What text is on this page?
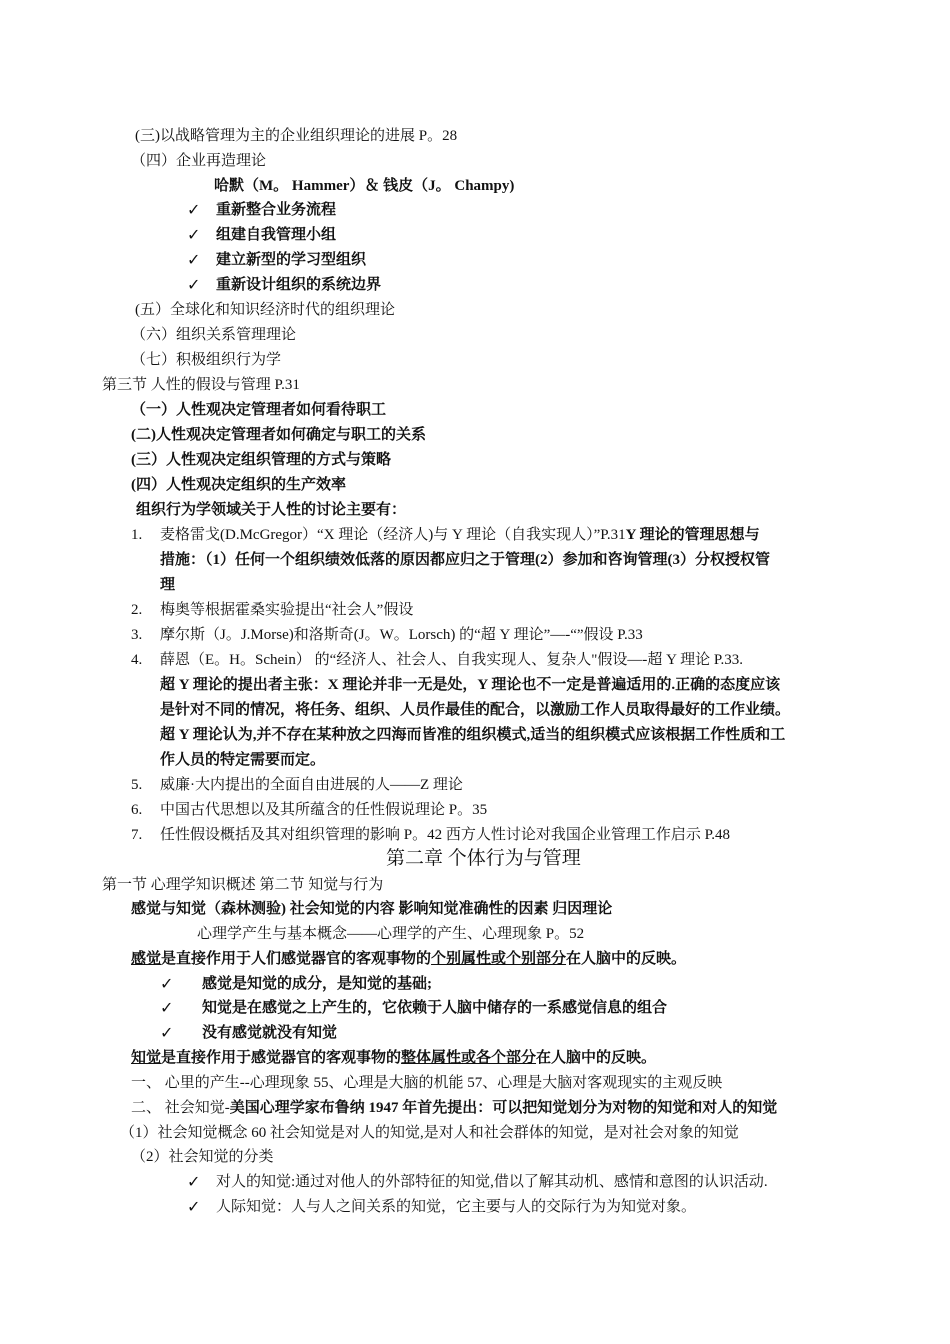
(三)以战略管理为主的企业组织理论的进展 P。28
（四）企业再造理论
哈默（M。 Hammer）＆ 钱皮（J。 Champy)
✓ 重新整合业务流程
✓ 组建自我管理小组
✓ 建立新型的学习型组织
✓ 重新设计组织的系统边界
(五）全球化和知识经济时代的组织理论
（六）组织关系管理理论
（七）积极组织行为学
第三节 人性的假设与管理 P.31
（一）人性观决定管理者如何看待职工
(二)人性观决定管理者如何确定与职工的关系
(三）人性观决定组织管理的方式与策略
(四）人性观决定组织的生产效率
组织行为学领域关于人性的讨论主要有：
1. 麦格雷戈(D.McGregor）“X 理论（经济人)与 Y 理论（自我实现人）”P.31Y 理论的管理思想与
措施：（1）任何一个组织绩效低落的原因都应归之于管理(2）参加和咨询管理(3）分权授权管
理
2. 梅奥等根据霍桑实验提出“社会人”假设
3. 摩尔斯（J。J.Morse)和洛斯奇(J。W。Lorsch) 的“超 Y 理论”—-“”假设 P.33
4. 薛恩（E。H。Schein） 的“经济人、社会人、自我实现人、复杂人"假设—-超 Y 理论 P.33.
超 Y 理论的提出者主张：X 理论并非一无是处，Y 理论也不一定是普遍适用的.正确的态度应该
是针对不同的情况，将任务、组织、人员作最佳的配合，以激励工作人员取得最好的工作业绩。
超 Y 理论认为,并不存在某种放之四海而皆准的组织模式,适当的组织模式应该根据工作性质和工
作人员的特定需要而定。
5. 威廉·大内提出的全面自由进展的人——Z 理论
6. 中国古代思想以及其所蕴含的任性假说理论 P。35
7. 任性假设概括及其对组织管理的影响 P。42 西方人性讨论对我国企业管理工作启示 P.48
第二章 个体行为与管理
第一节 心理学知识概述 第二节 知觉与行为
感觉与知觉（森林测验) 社会知觉的内容 影响知觉准确性的因素 归因理论
心理学产生与基本概念——心理学的产生、心理现象 P。52
感觉是直接作用于人们感觉器官的客观事物的个别属性或个别部分在人脑中的反映。
✓ 感觉是知觉的成分，是知觉的基础;
✓ 知觉是在感觉之上产生的，它依赖于人脑中储存的一系感觉信息的组合
✓ 没有感觉就没有知觉
知觉是直接作用于感觉器官的客观事物的整体属性或各个部分在人脑中的反映。
一、 心里的产生--心理现象 55、心理是大脑的机能 57、心理是大脑对客观现实的主观反映
二、 社会知觉-美国心理学家布鲁纳 1947 年首先提出：可以把知觉划分为对物的知觉和对人的知觉
（1）社会知觉概念 60 社会知觉是对人的知觉,是对人和社会群体的知觉，是对社会对象的知觉
（2）社会知觉的分类
✓ 对人的知觉:通过对他人的外部特征的知觉,借以了解其动机、感情和意图的认识活动.
✓ 人际知觉：人与人之间关系的知觉，它主要与人的交际行为为知觉对象。
